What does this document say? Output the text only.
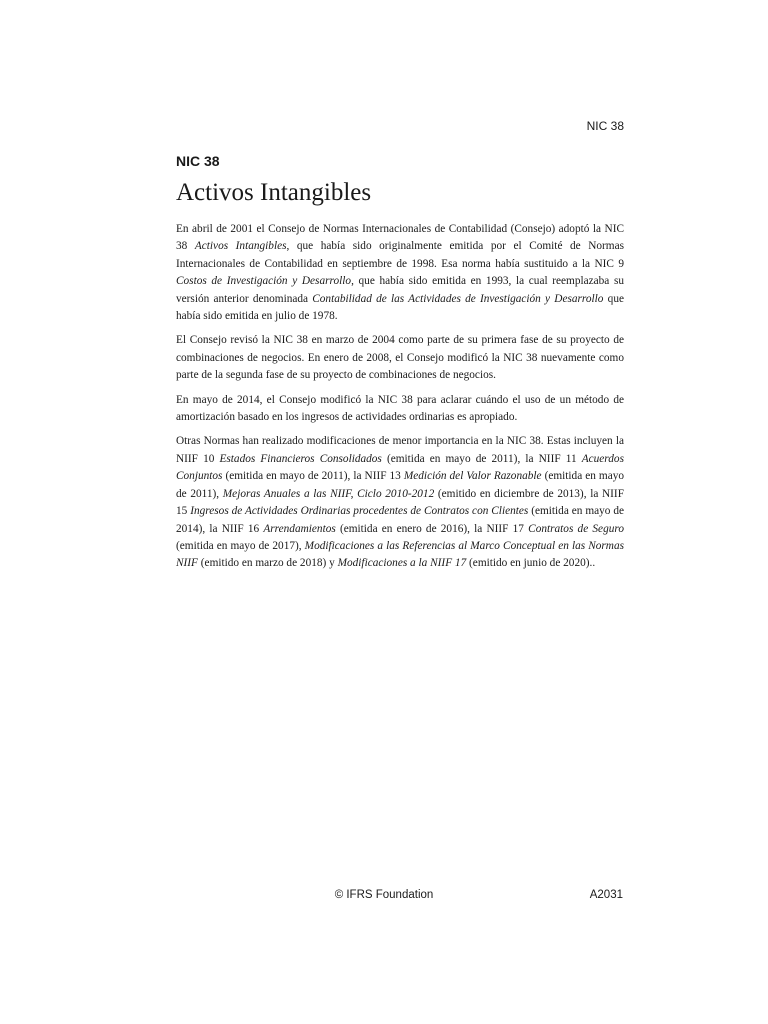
NIC 38
NIC 38
Activos Intangibles

En abril de 2001 el Consejo de Normas Internacionales de Contabilidad (Consejo) adoptó la NIC 38 Activos Intangibles, que había sido originalmente emitida por el Comité de Normas Internacionales de Contabilidad en septiembre de 1998. Esa norma había sustituido a la NIC 9 Costos de Investigación y Desarrollo, que había sido emitida en 1993, la cual reemplazaba su versión anterior denominada Contabilidad de las Actividades de Investigación y Desarrollo que había sido emitida en julio de 1978.

El Consejo revisó la NIC 38 en marzo de 2004 como parte de su primera fase de su proyecto de combinaciones de negocios. En enero de 2008, el Consejo modificó la NIC 38 nuevamente como parte de la segunda fase de su proyecto de combinaciones de negocios.

En mayo de 2014, el Consejo modificó la NIC 38 para aclarar cuándo el uso de un método de amortización basado en los ingresos de actividades ordinarias es apropiado.

Otras Normas han realizado modificaciones de menor importancia en la NIC 38. Estas incluyen la NIIF 10 Estados Financieros Consolidados (emitida en mayo de 2011), la NIIF 11 Acuerdos Conjuntos (emitida en mayo de 2011), la NIIF 13 Medición del Valor Razonable (emitida en mayo de 2011), Mejoras Anuales a las NIIF, Ciclo 2010-2012 (emitido en diciembre de 2013), la NIIF 15 Ingresos de Actividades Ordinarias procedentes de Contratos con Clientes (emitida en mayo de 2014), la NIIF 16 Arrendamientos (emitida en enero de 2016), la NIIF 17 Contratos de Seguro (emitida en mayo de 2017), Modificaciones a las Referencias al Marco Conceptual en las Normas NIIF (emitido en marzo de 2018) y Modificaciones a la NIIF 17 (emitido en junio de 2020)..

© IFRS Foundation	A2031
